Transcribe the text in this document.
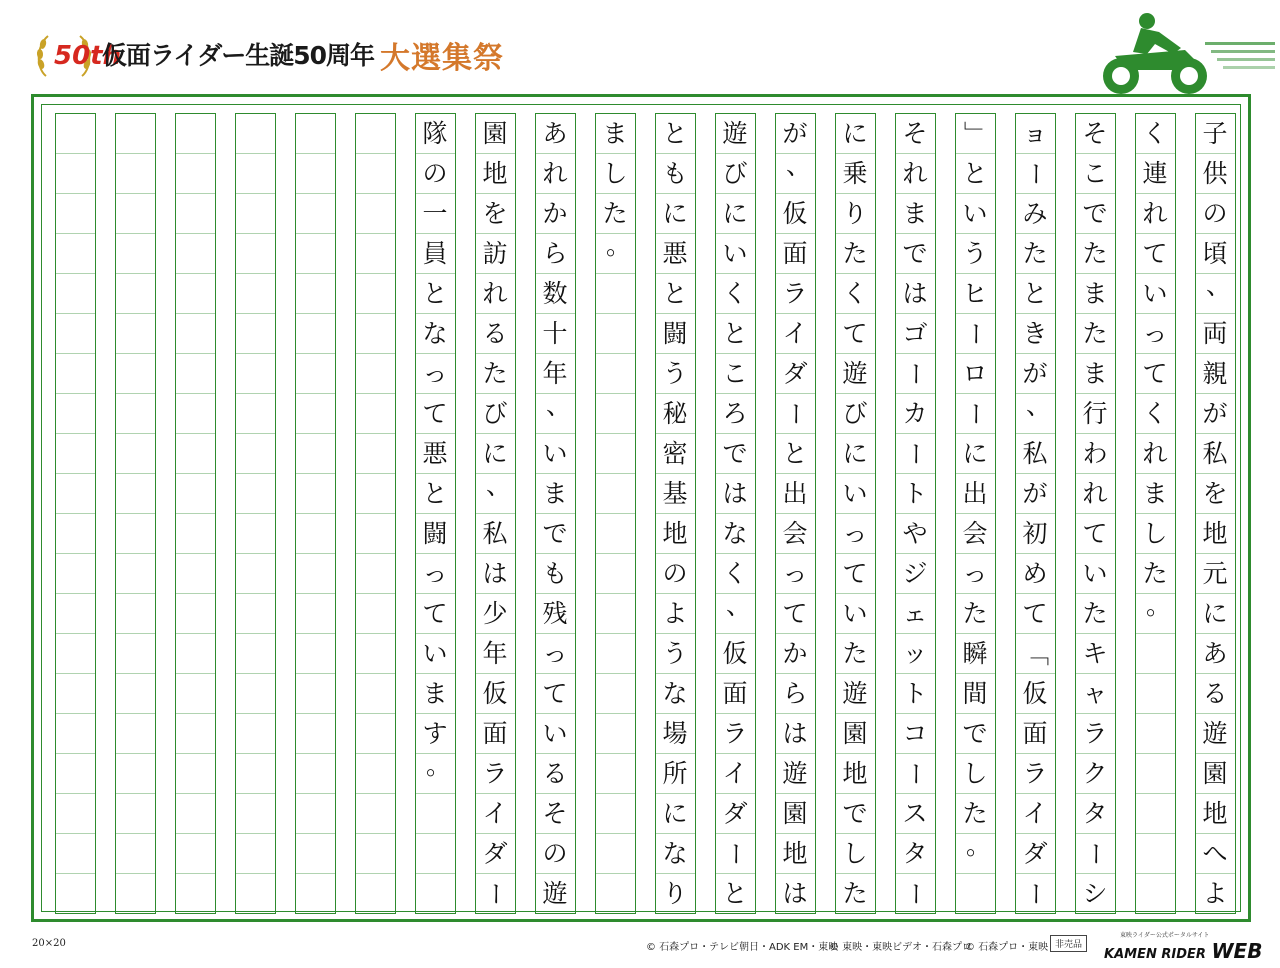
50th
仮面ライダー生誕50周年 大選集祭
子
供
の
頃
、
両
親
が
私
を
地
元
に
あ
る
遊
園
地
へ
よ
く
連
れ
て
い
っ
て
く
れ
ま
し
た
。
そ
こ
で
た
ま
た
ま
行
わ
れ
て
い
た
キ
ャ
ラ
ク
タ
ー
シ
ョ
ー
み
た
と
き
が
、
私
が
初
め
て
「
仮
面
ラ
イ
ダ
ー
」
と
い
う
ヒ
ー
ロ
ー
に
出
会
っ
た
瞬
間
で
し
た
。
そ
れ
ま
で
は
ゴ
ー
カ
ー
ト
や
ジ
ェ
ッ
ト
コ
ー
ス
タ
ー
に
乗
り
た
く
て
遊
び
に
い
っ
て
い
た
遊
園
地
で
し
た
が
、
仮
面
ラ
イ
ダ
ー
と
出
会
っ
て
か
ら
は
遊
園
地
は
遊
び
に
い
く
と
こ
ろ
で
は
な
く
、
仮
面
ラ
イ
ダ
ー
と
と
も
に
悪
と
闘
う
秘
密
基
地
の
よ
う
な
場
所
に
な
り
ま
し
た
。
あ
れ
か
ら
数
十
年
、
い
ま
で
も
残
っ
て
い
る
そ
の
遊
園
地
を
訪
れ
る
た
び
に
、
私
は
少
年
仮
面
ラ
イ
ダ
ー
隊
の
一
員
と
な
っ
て
悪
と
闘
っ
て
い
ま
す
。
20×20	© 石森プロ・テレビ朝日・ADK EM・東映
© 東映・東映ビデオ・石森プロ
© 石森プロ・東映 非売品
東映ライダー公式ポータルサイト
KAMEN RIDER WEB
